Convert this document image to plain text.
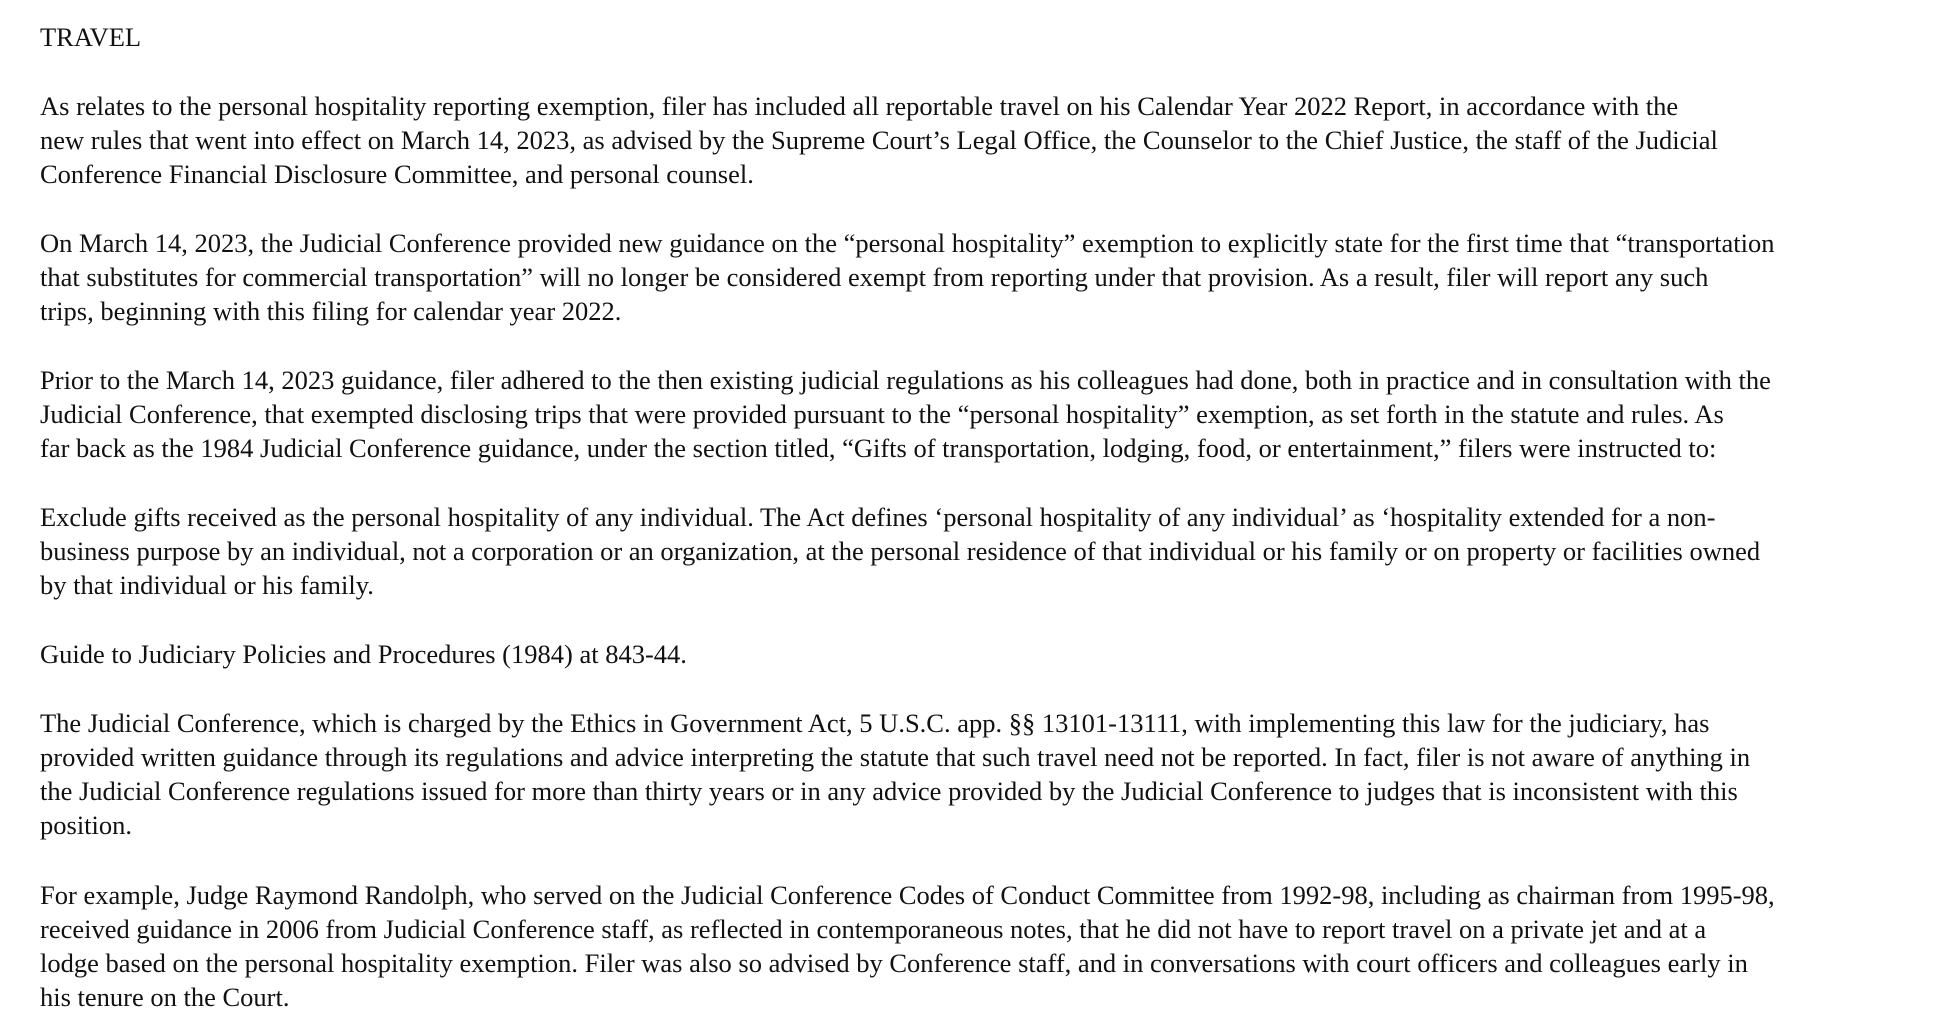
TRAVEL

As relates to the personal hospitality reporting exemption, filer has included all reportable travel on his Calendar Year 2022 Report, in accordance with the
new rules that went into effect on March 14, 2023, as advised by the Supreme Court’s Legal Office, the Counselor to the Chief Justice, the staff of the Judicial
Conference Financial Disclosure Committee, and personal counsel.

On March 14, 2023, the Judicial Conference provided new guidance on the “personal hospitality” exemption to explicitly state for the first time that “transportation
that substitutes for commercial transportation” will no longer be considered exempt from reporting under that provision. As a result, filer will report any such
trips, beginning with this filing for calendar year 2022.

Prior to the March 14, 2023 guidance, filer adhered to the then existing judicial regulations as his colleagues had done, both in practice and in consultation with the
Judicial Conference, that exempted disclosing trips that were provided pursuant to the “personal hospitality” exemption, as set forth in the statute and rules. As
far back as the 1984 Judicial Conference guidance, under the section titled, “Gifts of transportation, lodging, food, or entertainment,” filers were instructed to:

Exclude gifts received as the personal hospitality of any individual. The Act defines ‘personal hospitality of any individual’ as ‘hospitality extended for a non-
business purpose by an individual, not a corporation or an organization, at the personal residence of that individual or his family or on property or facilities owned
by that individual or his family.

Guide to Judiciary Policies and Procedures (1984) at 843-44.

The Judicial Conference, which is charged by the Ethics in Government Act, 5 U.S.C. app. §§ 13101-13111, with implementing this law for the judiciary, has
provided written guidance through its regulations and advice interpreting the statute that such travel need not be reported. In fact, filer is not aware of anything in
the Judicial Conference regulations issued for more than thirty years or in any advice provided by the Judicial Conference to judges that is inconsistent with this
position.

For example, Judge Raymond Randolph, who served on the Judicial Conference Codes of Conduct Committee from 1992-98, including as chairman from 1995-98,
received guidance in 2006 from Judicial Conference staff, as reflected in contemporaneous notes, that he did not have to report travel on a private jet and at a
lodge based on the personal hospitality exemption. Filer was also so advised by Conference staff, and in conversations with court officers and colleagues early in
his tenure on the Court.
